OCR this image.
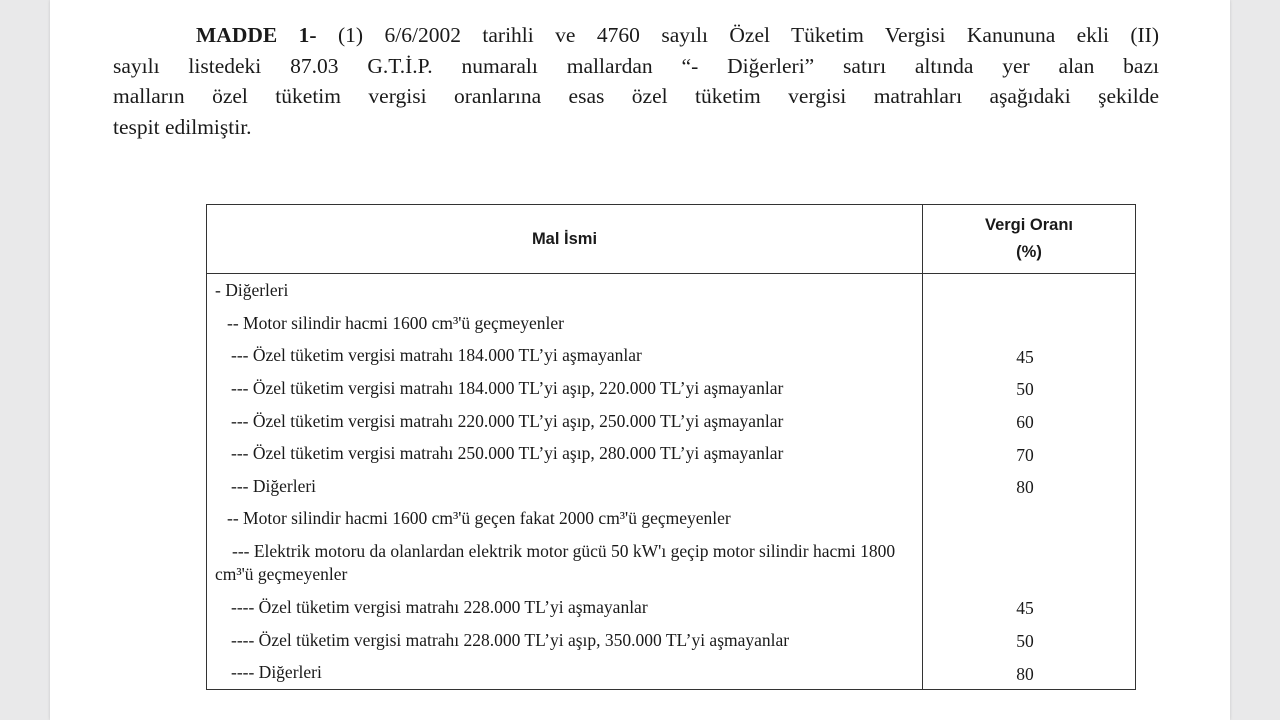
MADDE 1- (1) 6/6/2002 tarihli ve 4760 sayılı Özel Tüketim Vergisi Kanununa ekli (II)
sayılı listedeki 87.03 G.T.İ.P. numaralı mallardan “- Diğerleri” satırı altında yer alan bazı
malların özel tüketim vergisi oranlarına esas özel tüketim vergisi matrahları aşağıdaki şekilde
tespit edilmiştir.

Mal İsmi	Vergi Oranı
(%)
- Diğerleri	
-- Motor silindir hacmi 1600 cm³'ü geçmeyenler	
--- Özel tüketim vergisi matrahı 184.000 TL’yi aşmayanlar	45
--- Özel tüketim vergisi matrahı 184.000 TL’yi aşıp, 220.000 TL’yi aşmayanlar	50
--- Özel tüketim vergisi matrahı 220.000 TL’yi aşıp, 250.000 TL’yi aşmayanlar	60
--- Özel tüketim vergisi matrahı 250.000 TL’yi aşıp, 280.000 TL’yi aşmayanlar	70
--- Diğerleri	80
-- Motor silindir hacmi 1600 cm³'ü geçen fakat 2000 cm³'ü geçmeyenler	

--- Elektrik motoru da olanlardan elektrik motor gücü 50 kW'ı geçip motor silindir hacmi 1800 cm³'ü geçmeyenler	

---- Özel tüketim vergisi matrahı 228.000 TL’yi aşmayanlar	45
---- Özel tüketim vergisi matrahı 228.000 TL’yi aşıp, 350.000 TL’yi aşmayanlar	50
---- Diğerleri	80
